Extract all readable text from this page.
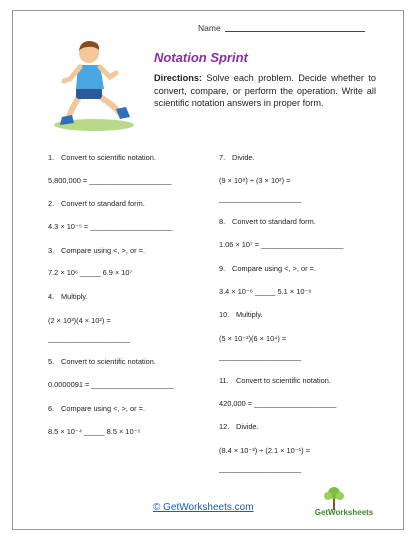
Name
Notation Sprint
Directions: Solve each problem. Decide whether to convert, compare, or perform the operation. Write all scientific notation answers in proper form.
1. Convert to scientific notation.
5,800,000 = ____________________
2. Convert to standard form.
4.3 × 10⁻⁵ = ____________________
3. Compare using <, >, or =.
7.2 × 10⁶ _____ 6.9 × 10⁷
4. Multiply.
(2 × 10³)(4 × 10²) =
____________________
5. Convert to scientific notation.
0.0000091 = ____________________
6. Compare using <, >, or =.
8.5 × 10⁻⁴ _____ 8.5 × 10⁻⁵
7. Divide.
(9 × 10⁸) ÷ (3 × 10²) =
____________________
8. Convert to standard form.
1.06 × 10⁷ = ____________________
9. Compare using <, >, or =.
3.4 × 10⁻⁶ _____ 5.1 × 10⁻⁶
10. Multiply.
(5 × 10⁻²)(6 × 10⁴) =
____________________
11. Convert to scientific notation.
420,000 = ____________________
12. Divide.
(8.4 × 10⁻³) ÷ (2.1 × 10⁻¹) =
____________________
© GetWorksheets.com	GetWorksheets
